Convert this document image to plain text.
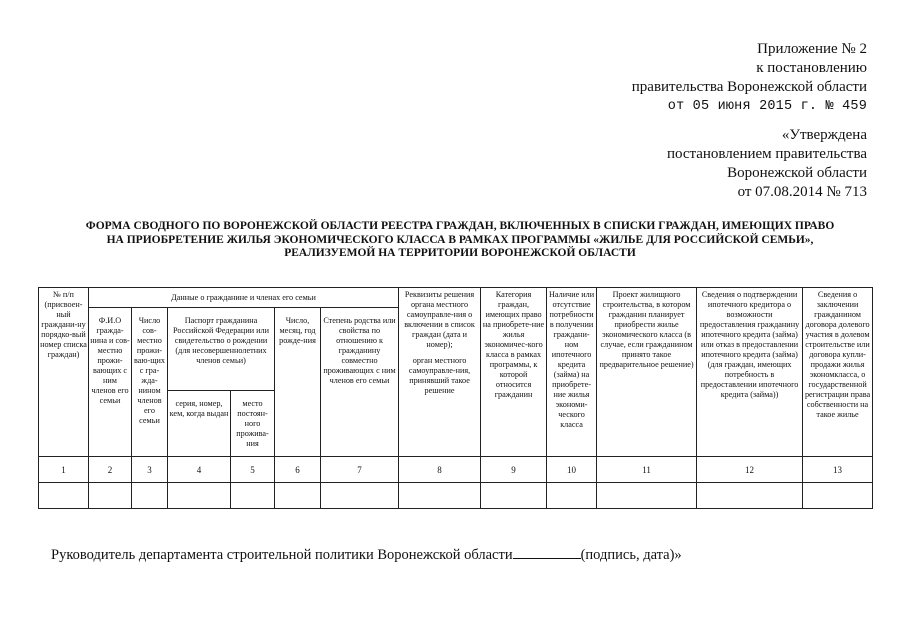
Приложение № 2
к постановлению
правительства Воронежской области
от 05 июня 2015 г. № 459
«Утверждена
постановлением правительства
Воронежской области
от 07.08.2014 № 713
ФОРМА СВОДНОГО ПО ВОРОНЕЖСКОЙ ОБЛАСТИ РЕЕСТРА ГРАЖДАН, ВКЛЮЧЕННЫХ В СПИСКИ ГРАЖДАН, ИМЕЮЩИХ ПРАВО
НА ПРИОБРЕТЕНИЕ ЖИЛЬЯ ЭКОНОМИЧЕСКОГО КЛАССА В РАМКАХ ПРОГРАММЫ «ЖИЛЬЕ ДЛЯ РОССИЙСКОЙ СЕМЬИ»,
РЕАЛИЗУЕМОЙ НА ТЕРРИТОРИИ ВОРОНЕЖСКОЙ ОБЛАСТИ
№ п/п (присвоен-ный граждани-ну порядко-вый номер списка граждан)	Данные о гражданине и членах его семьи						Реквизиты решения органа местного самоуправле-ния о включении в список граждан (дата и номер);
орган местного самоуправле-ния, принявший такое решение	Категория граждан, имеющих право на приобрете-ние жилья экономичес-кого класса в рамках программы, к которой относится гражданин	Наличие или отсутствие потребности в получении граждани-ном ипотечного кредита (займа) на приобрете-ние жилья экономи-ческого класса	Проект жилищного строительства, в котором гражданин планирует приобрести жилье экономического класса (в случае, если гражданином принято такое предварительное решение)	Сведения о подтверждении ипотечного кредитора о возможности предоставления гражданину ипотечного кредита (займа) или отказ в предоставлении ипотечного кредита (займа) (для граждан, имеющих потребность в предоставлении ипотечного кредита (займа))	Сведения о заключении гражданином договора долевого участия в долевом строительстве или договора купли-продажи жилья экономкласса, о государственной регистрации права собственности на такое жилье
	Ф.И.О гражда-нина и сов-местно прожи-вающих с ним членов его семьи	Число сов-местно прожи-ваю-щих с гра-жда-нином членов его семьи	Паспорт гражданина Российской Федерации или свидетельство о рождении (для несовершеннолетних членов семьи)		Число, месяц, год рожде-ния	Степень родства или свойства по отношению к гражданину совместно проживающих с ним членов его семьи						
			серия, номер, кем, когда выдан	место постоян-ного прожива-ния								
1	2	3	4	5	6	7	8	9	10	11	12	13

Руководитель департамента строительной политики Воронежской области	(подпись, дата)»
